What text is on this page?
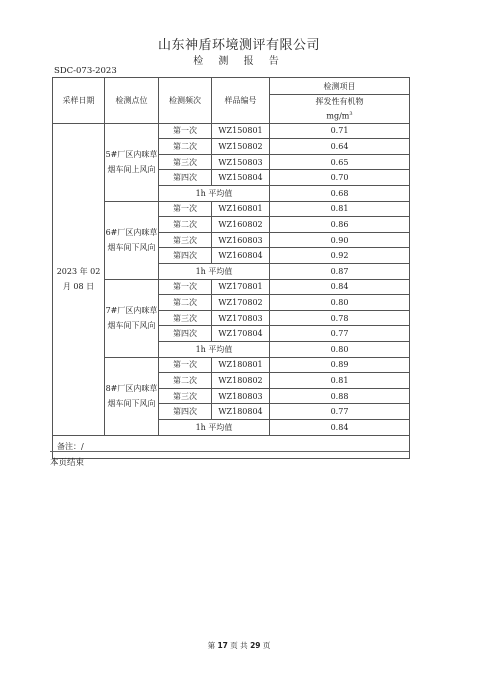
山东神盾环境测评有限公司
检 测 报 告
SDC-073-2023
采样日期	检测点位	检测频次	样品编号	检测项目

				挥发性有机物
$mg/m^3$

2023 年 02 月 08 日	5#厂区内咪草烟车间上风向	第一次	WZ150801	0.71
		第二次	WZ150802	0.64
		第三次	WZ150803	0.65
		第四次	WZ150804	0.70
		1h 平均值		0.68
	6#厂区内咪草烟车间下风向	第一次	WZ160801	0.81
		第二次	WZ160802	0.86
		第三次	WZ160803	0.90
		第四次	WZ160804	0.92
		1h 平均值		0.87
	7#厂区内咪草烟车间下风向	第一次	WZ170801	0.84
		第二次	WZ170802	0.80
		第三次	WZ170803	0.78
		第四次	WZ170804	0.77
		1h 平均值		0.80
	8#厂区内咪草烟车间下风向	第一次	WZ180801	0.89
		第二次	WZ180802	0.81
		第三次	WZ180803	0.88
		第四次	WZ180804	0.77
		1h 平均值		0.84
备注：/				
本页结束
第 17 页 共 29 页
